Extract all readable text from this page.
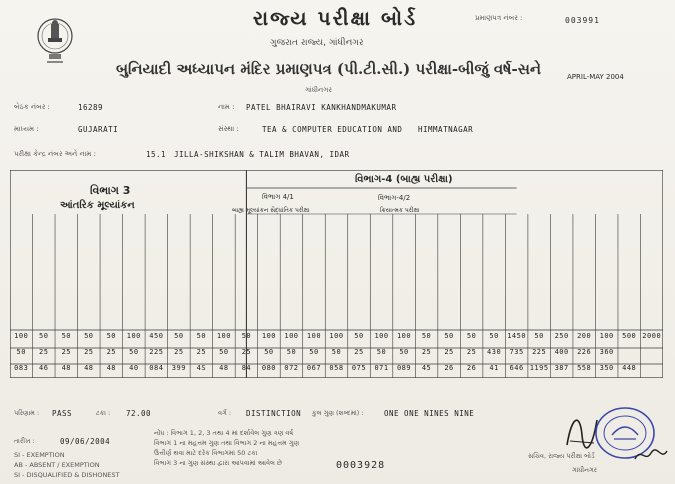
રાજ્ય પરીક્ષા બોર્ડ
ગુજરાત રાજ્ય, ગાંધીનગર
બુનિયાદી અધ્યાપન મંદિર પ્રમાણપત્ર (પી.ટી.સી.) પરીક્ષા-બીજું વર્ષ-સને
ગાંધીનગર
પ્રમાણપત્ર નંબર :	003991
APRIL-MAY 2004
બેઠક નંબર :	16289	નામ : PATEL BHAIRAVI KANKHANDMAKUMAR
માધ્યમ :	GUJARATI	સંસ્થા :	TEA & COMPUTER EDUCATION AND HIMMATNAGAR
પરીક્ષા કેન્દ્ર નંબર અને નામ :	15.1 JILLA-SHIKSHAN & TALIM BHAVAN, IDAR
વિભાગ 3
આંતરિક મૂલ્યાંકન
વિભાગ-4 (બાહ્ય પરીક્ષા)
વિભાગ 4/1
બાહ્ય મૂલ્યાંકન સૈદ્ધાંતિક પરીક્ષા
વિભાગ-4/2
ક્રિયાત્મક પરીક્ષા
100	50	50	50	50	100	450	50	50	100	50	100	100	100	100	50	100	100	50	50	50	50	1450	50	250	200	100	500 2000
50	25	25	25	25	50	225	25	25	50	25	50	50	50	50	25	50	50	25	25	25	430	735	225	400	226	360
083	46	48	48	48	40	084	399	4S	48	84	080	072	067	058	075	071	089	45	26	26	41	646 1195 387	558	350	448
પરિણામ : PASS	ટકા : 72.00	વર્ગ : DISTINCTION કુલ ગુણ (શબ્દમાં) :	ONE ONE NINES NINE
તારીખ :	09/06/2004
નોંધ : વિભાગ 1, 2, 3 તથા 4 માં દર્શાવેલ ગુણ ત્રણ વર્ષ
વિભાગ 1 ના મહત્તમ ગુણ તથા વિભાગ 2 ના મહત્તમ ગુણ
ઉત્તીર્ણ થવા માટે દરેક વિભાગમાં 50 ટકા
વિભાગ 3 ના ગુણ સંસ્થા દ્વારા આપવામાં આવેલ છે
SI - EXEMPTION
AB - ABSENT / EXEMPTION
SI - DISQUALIFIED & DISHONEST
0003928
સચિવ, રાજ્ય પરીક્ષા બોર્ડ
ગાંધીનગર
